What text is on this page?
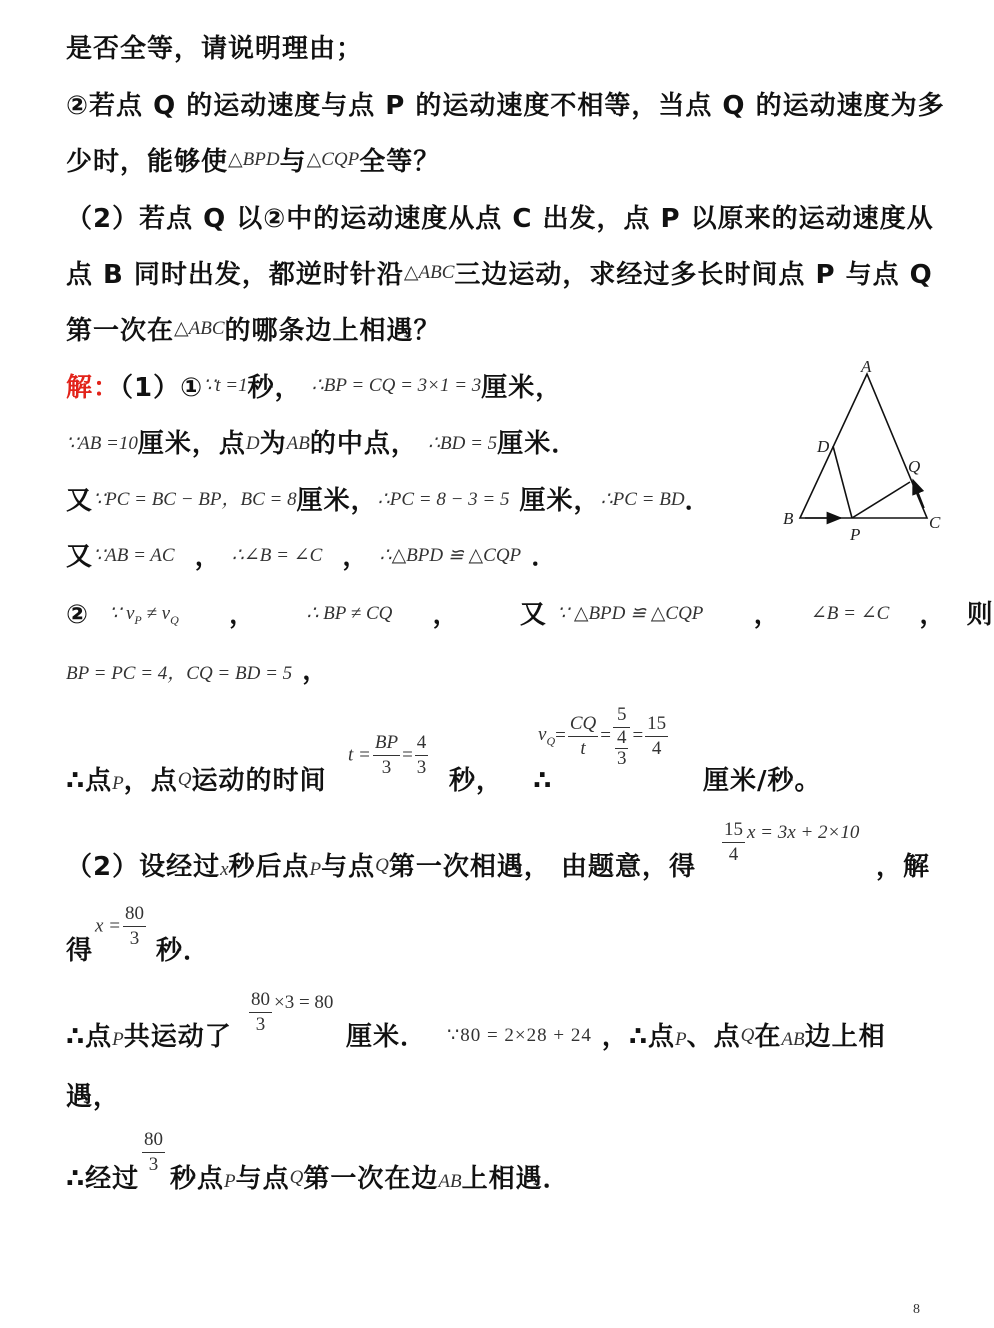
是否全等，请说明理由；
②若点 Q 的运动速度与点 P 的运动速度不相等，当点 Q 的运动速度为多
少时，能够使△BPD与△CQP全等？
（2）若点 Q 以②中的运动速度从点 C 出发，点 P 以原来的运动速度从
点 B 同时出发，都逆时针沿△ABC三边运动，求经过多长时间点 P 与点 Q
第一次在△ABC的哪条边上相遇？
解：（1）①∵t =1秒， ∴BP = CQ = 3×1 = 3厘米，
∵AB =10厘米，点D为AB的中点， ∴BD = 5厘米．
又∵PC = BC − BP，BC = 8厘米，∴PC = 8 − 3 = 5 厘米，∴PC = BD．
又∵AB = AC ， ∴∠B = ∠C ， ∴△BPD ≌ △CQP ．
② ∵ $v_P \ne v_Q$ ，	∴ BP ≠ CQ ， 又 ∵ △BPD ≌ △CQP ， ∠B = ∠C ， 则
BP = PC = 4，CQ = BD = 5 ，
∴点P，点Q运动的时间
$t = \frac{BP}{3} = \frac{4}{3}$
秒， ∴
$v_Q= \frac{CQ}{t} = \frac{5}{\frac{4}{3}} = \frac{15}{4}$
厘米/秒。
（2）设经过x秒后点P与点Q第一次相遇， 由题意，得 $\frac{15}{4}$ x = 3x + 2×10
，解
得
$x = \frac{80}{3}$ 秒．
∴点P共运动了 $\frac{80}{3} \times 3 = 80$
厘米． ∵80 = 2×28 + 24 ，∴点P、点Q在AB边上相
遇，
∴经过
$\frac{80}{3}$
秒点P与点Q第一次在边AB上相遇．
A
B	C
D
P
Q
8
